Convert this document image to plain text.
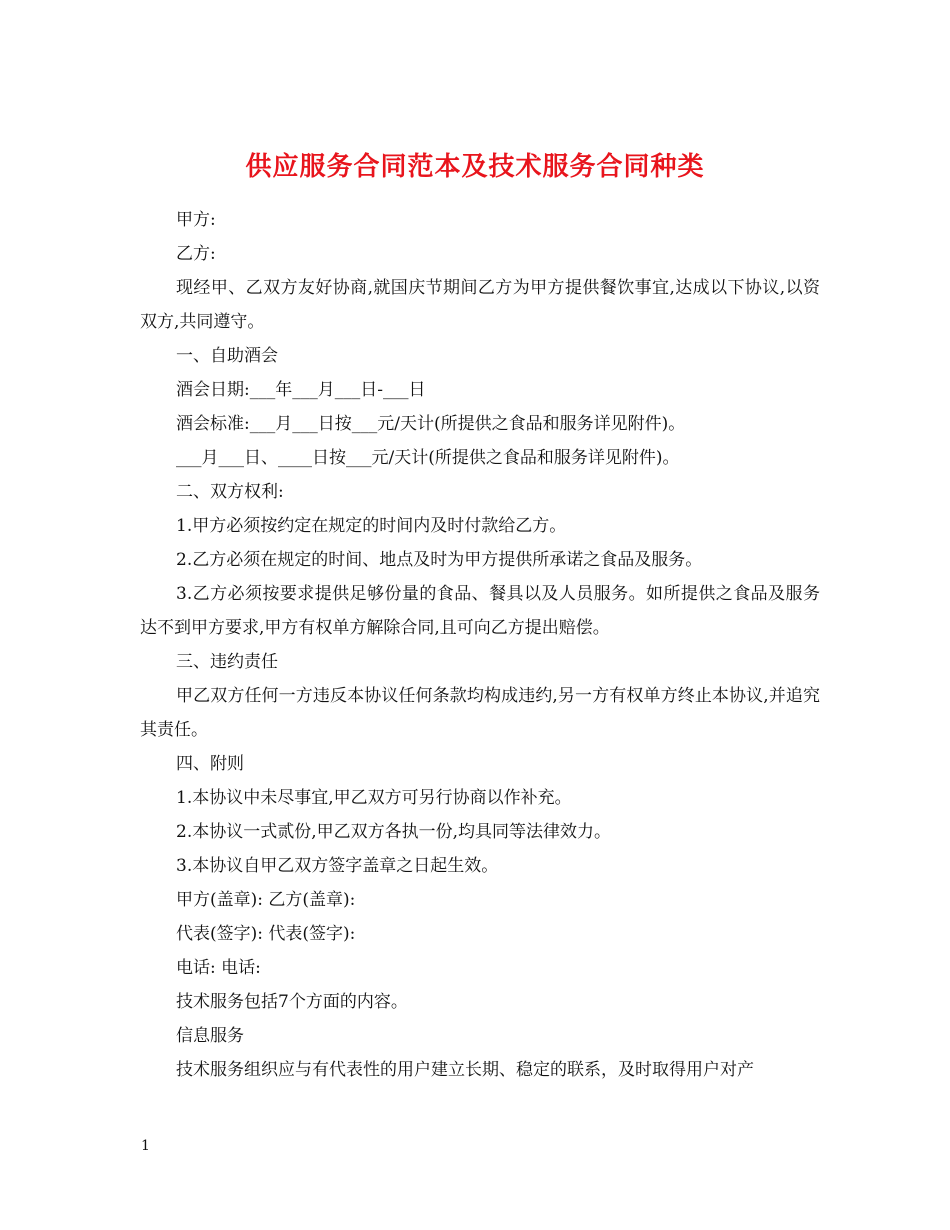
供应服务合同范本及技术服务合同种类

甲方:

乙方:

现经甲、乙双方友好协商,就国庆节期间乙方为甲方提供餐饮事宜,达成以下协议,以资双方,共同遵守。

一、自助酒会

酒会日期:___年___月___日-___日

酒会标准:___月___日按___元/天计(所提供之食品和服务详见附件)。

___月___日、____日按___元/天计(所提供之食品和服务详见附件)。

二、双方权利:

1.甲方必须按约定在规定的时间内及时付款给乙方。

2.乙方必须在规定的时间、地点及时为甲方提供所承诺之食品及服务。

3.乙方必须按要求提供足够份量的食品、餐具以及人员服务。如所提供之食品及服务达不到甲方要求,甲方有权单方解除合同,且可向乙方提出赔偿。

三、违约责任

甲乙双方任何一方违反本协议任何条款均构成违约,另一方有权单方终止本协议,并追究其责任。

四、附则

1.本协议中未尽事宜,甲乙双方可另行协商以作补充。

2.本协议一式贰份,甲乙双方各执一份,均具同等法律效力。

3.本协议自甲乙双方签字盖章之日起生效。

甲方(盖章): 乙方(盖章):

代表(签字): 代表(签字):

电话: 电话:

技术服务包括7个方面的内容。

信息服务

技术服务组织应与有代表性的用户建立长期、稳定的联系，及时取得用户对产

1
